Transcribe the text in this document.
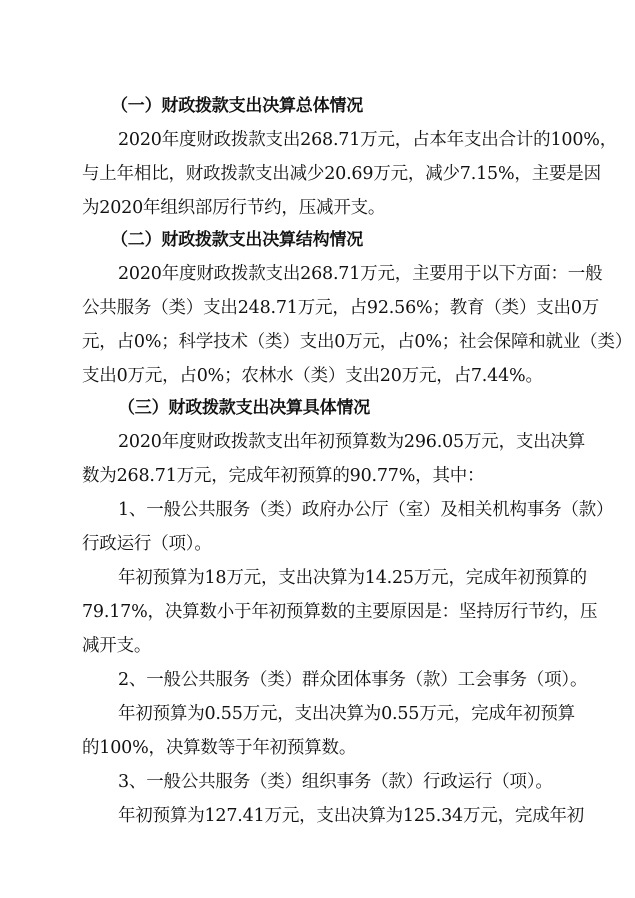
（一）财政拨款支出决算总体情况

2020年度财政拨款支出268.71万元，占本年支出合计的100%，

与上年相比，财政拨款支出减少20.69万元，减少7.15%，主要是因

为2020年组织部厉行节约，压减开支。

（二）财政拨款支出决算结构情况

2020年度财政拨款支出268.71万元，主要用于以下方面：一般

公共服务（类）支出248.71万元，占92.56%；教育（类）支出0万

元，占0%；科学技术（类）支出0万元，占0%；社会保障和就业（类）

支出0万元，占0%；农林水（类）支出20万元，占7.44%。

（三）财政拨款支出决算具体情况

2020年度财政拨款支出年初预算数为296.05万元，支出决算

数为268.71万元，完成年初预算的90.77%，其中：

1、一般公共服务（类）政府办公厅（室）及相关机构事务（款）

行政运行（项）。

年初预算为18万元，支出决算为14.25万元，完成年初预算的

79.17%，决算数小于年初预算数的主要原因是：坚持厉行节约，压

减开支。

2、一般公共服务（类）群众团体事务（款）工会事务（项）。

年初预算为0.55万元，支出决算为0.55万元，完成年初预算

的100%，决算数等于年初预算数。

3、一般公共服务（类）组织事务（款）行政运行（项）。

年初预算为127.41万元，支出决算为125.34万元，完成年初
